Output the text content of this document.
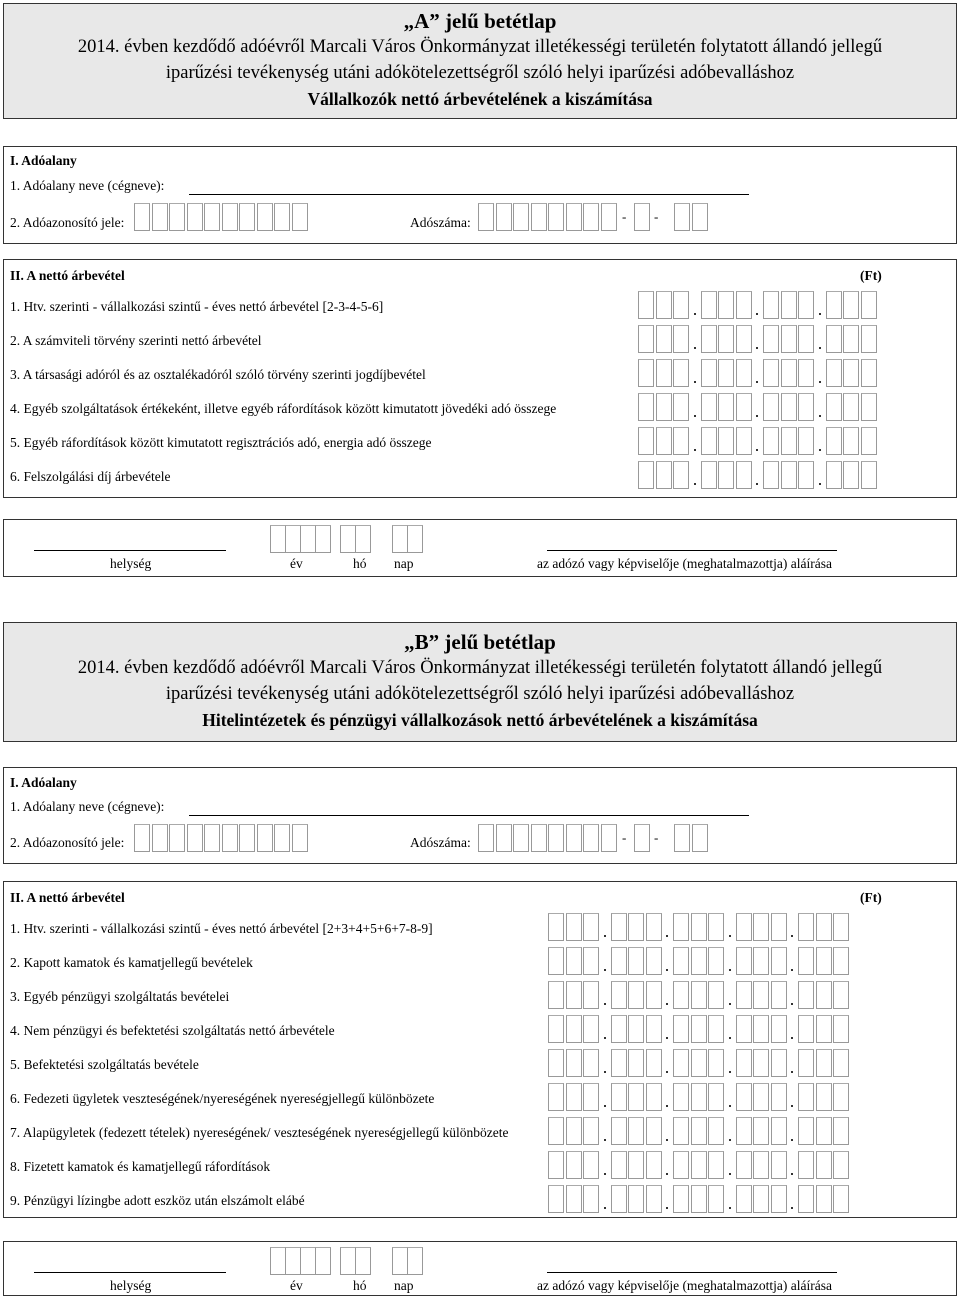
„A” jelű betétlap
2014. évben kezdődő adóévről Marcali Város Önkormányzat illetékességi területén folytatott állandó jellegű
iparűzési tevékenység utáni adókötelezettségről szóló helyi iparűzési adóbevalláshoz
Vállalkozók nettó árbevételének a kiszámítása
I. Adóalany
1. Adóalany neve (cégneve):
2. Adóazonosító jele:	Adószáma:	- -
II. A nettó árbevétel	(Ft)
1. Htv. szerinti - vállalkozási szintű - éves nettó árbevétel [2-3-4-5-6]
2. A számviteli törvény szerinti nettó árbevétel
3. A társasági adóról és az osztalékadóról szóló törvény szerinti jogdíjbevétel
4. Egyéb szolgáltatások értékeként, illetve egyéb ráfordítások között kimutatott jövedéki adó összege
5. Egyéb ráfordítások között kimutatott regisztrációs adó, energia adó összege
6. Felszolgálási díj árbevétele
helység	év	hó nap	az adózó vagy képviselője (meghatalmazottja) aláírása
„B” jelű betétlap
2014. évben kezdődő adóévről Marcali Város Önkormányzat illetékességi területén folytatott állandó jellegű
iparűzési tevékenység utáni adókötelezettségről szóló helyi iparűzési adóbevalláshoz
Hitelintézetek és pénzügyi vállalkozások nettó árbevételének a kiszámítása
I. Adóalany
1. Adóalany neve (cégneve):
2. Adóazonosító jele:	Adószáma:	- -
II. A nettó árbevétel	(Ft)
1. Htv. szerinti - vállalkozási szintű - éves nettó árbevétel [2+3+4+5+6+7-8-9]
2. Kapott kamatok és kamatjellegű bevételek
3. Egyéb pénzügyi szolgáltatás bevételei
4. Nem pénzügyi és befektetési szolgáltatás nettó árbevétele
5. Befektetési szolgáltatás bevétele
6. Fedezeti ügyletek veszteségének/nyereségének nyereségjellegű különbözete
7. Alapügyletek (fedezett tételek) nyereségének/ veszteségének nyereségjellegű különbözete
8. Fizetett kamatok és kamatjellegű ráfordítások
9. Pénzügyi lízingbe adott eszköz után elszámolt elábé
helység	év	hó nap	az adózó vagy képviselője (meghatalmazottja) aláírása
